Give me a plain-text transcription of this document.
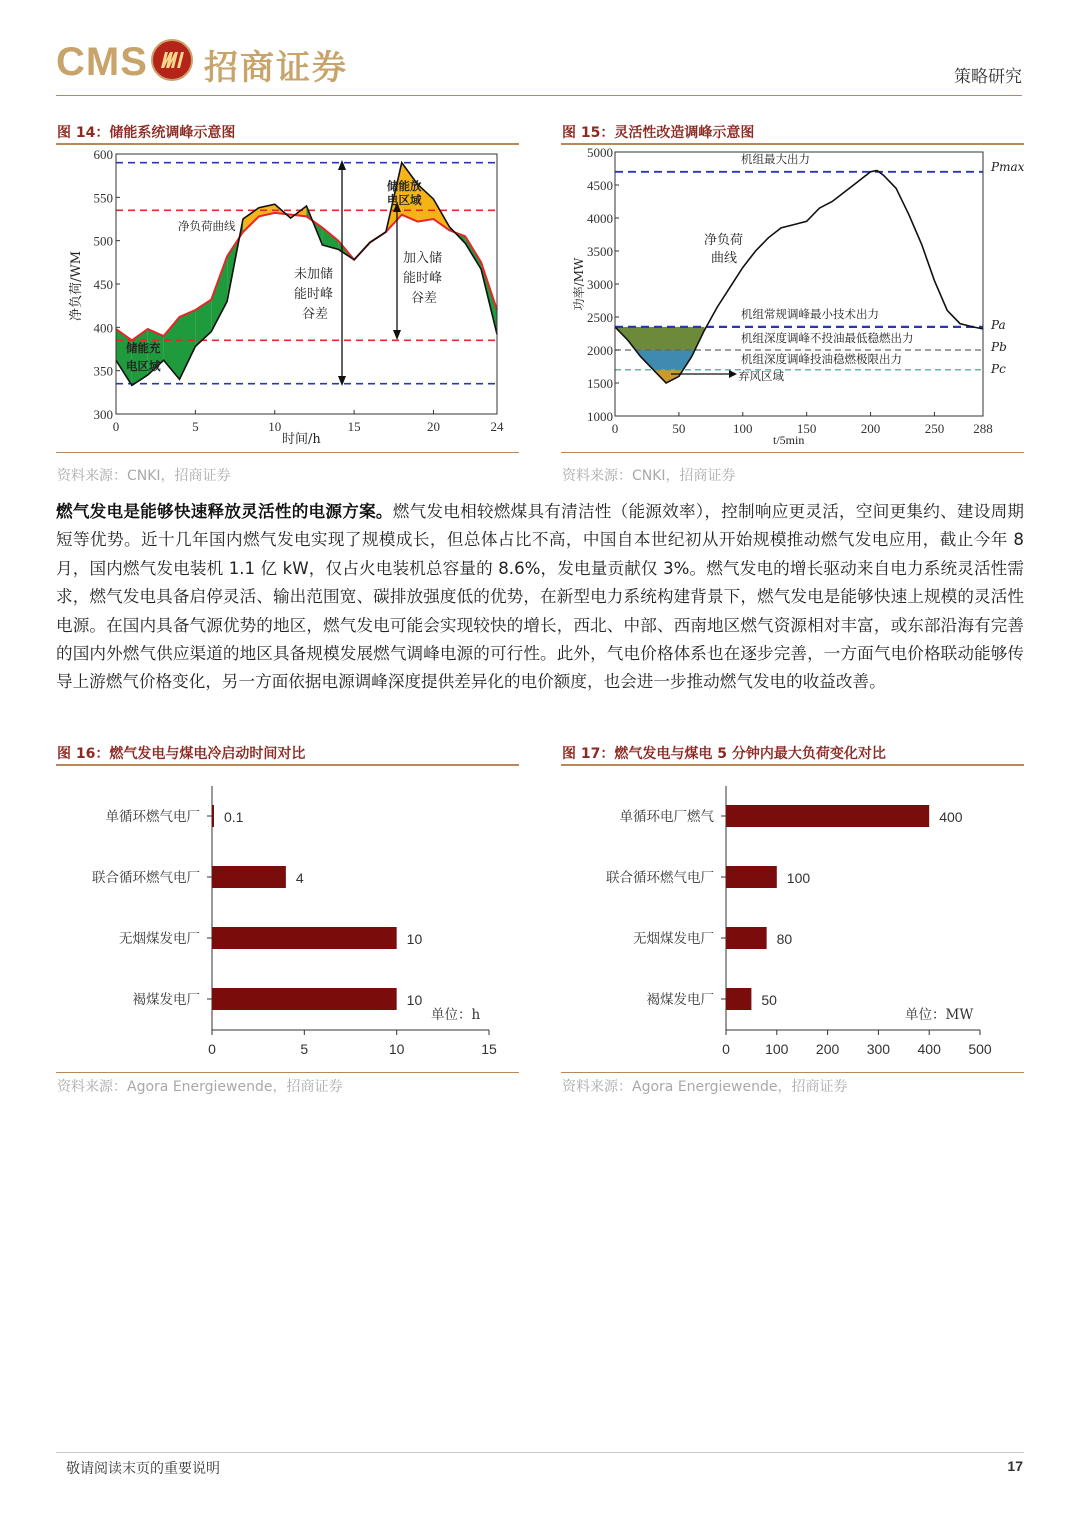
CMS 招商证券	策略研究
图 14：储能系统调峰示意图
0	5	10	15	20	24
300
350
400
450
500
550
600
净负荷曲线
储能放
电区域
储能充
电区域
未加储
能时峰
谷差
加入储
能时峰
谷差
时间/h
净负荷/WM
资料来源：CNKI，招商证券
图 15：灵活性改造调峰示意图
0	50	100	150	200	250 288
1000
1500
2000
2500
3000
3500
4000
4500
5000	机组最大出力
净负荷
曲线
机组常规调峰最小技术出力
机组深度调峰不投油最低稳燃出力
机组深度调峰投油稳燃极限出力
弃风区域
Pmax
Pa
Pb
Pc
t/5min
功率/MW
资料来源：CNKI，招商证券
燃气发电是能够快速释放灵活性的电源方案。燃气发电相较燃煤具有清洁性（能源效率），控制响应更灵活，空间更集约、建设周期短等优势。近十几年国内燃气发电实现了规模成长，但总体占比不高，中国自本世纪初从开始规模推动燃气发电应用，截止今年 8 月，国内燃气发电装机 1.1 亿 kW，仅占火电装机总容量的 8.6%，发电量贡献仅 3%。燃气发电的增长驱动来自电力系统灵活性需求，燃气发电具备启停灵活、输出范围宽、碳排放强度低的优势，在新型电力系统构建背景下，燃气发电是能够快速上规模的灵活性电源。在国内具备气源优势的地区，燃气发电可能会实现较快的增长，西北、中部、西南地区燃气资源相对丰富，或东部沿海有完善的国内外燃气供应渠道的地区具备规模发展燃气调峰电源的可行性。此外，气电价格体系也在逐步完善，一方面气电价格联动能够传导上游燃气价格变化，另一方面依据电源调峰深度提供差异化的电价额度，也会进一步推动燃气发电的收益改善。
图 16：燃气发电与煤电冷启动时间对比
单循环燃气电厂 0.1
联合循环燃气电厂	4
无烟煤发电厂	10
褐煤发电厂	10
0	5	10	15
单位：h
资料来源：Agora Energiewende，招商证券
图 17：燃气发电与煤电 5 分钟内最大负荷变化对比
单循环电厂燃气	400
联合循环燃气电厂	100
无烟煤发电厂	80
褐煤发电厂	50
0	100 200 300 400 500
单位：MW
资料来源：Agora Energiewende，招商证券
敬请阅读末页的重要说明	17
